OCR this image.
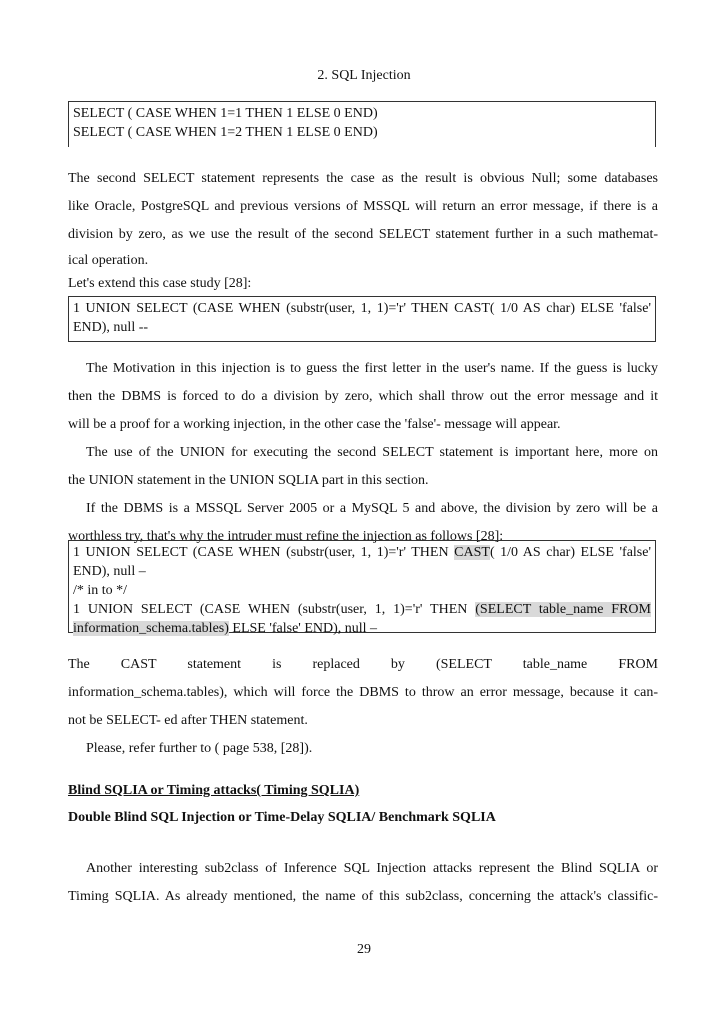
2. SQL Injection
SELECT ( CASE WHEN 1=1 THEN 1 ELSE 0 END)
SELECT ( CASE WHEN 1=2 THEN 1 ELSE 0 END)
The second SELECT statement represents the case as the result is obvious Null; some databases
like Oracle, PostgreSQL and previous versions of MSSQL will return an error message, if there is a
division by zero, as we use the result of the second SELECT statement further in a such mathemat-
ical operation.
Let's extend this case study [28]:
1 UNION SELECT (CASE WHEN (substr(user, 1, 1)='r' THEN CAST( 1/0 AS char) ELSE 'false'
END), null --
The Motivation in this injection is to guess the first letter in the user's name. If the guess is lucky
then the DBMS is forced to do a division by zero, which shall throw out the error message and it
will be a proof for a working injection, in the other case the 'false'- message will appear.
The use of the UNION for executing the second SELECT statement is important here, more on
the UNION statement in the UNION SQLIA part in this section.
If the DBMS is a MSSQL Server 2005 or a MySQL 5 and above, the division by zero will be a
worthless try, that's why the intruder must refine the injection as follows [28]:
1 UNION SELECT (CASE WHEN (substr(user, 1, 1)='r' THEN CAST( 1/0 AS char) ELSE 'false'
END), null –
/* in to */
1 UNION SELECT (CASE WHEN (substr(user, 1, 1)='r' THEN (SELECT table_name FROM
information_schema.tables) ELSE 'false' END), null –
The CAST statement is replaced by (SELECT table_name FROM
information_schema.tables), which will force the DBMS to throw an error message, because it can-
not be SELECT- ed after THEN statement.
Please, refer further to ( page 538, [28]).
Blind SQLIA or Timing attacks( Timing SQLIA)
Double Blind SQL Injection or Time-Delay SQLIA/ Benchmark SQLIA
Another interesting sub2class of Inference SQL Injection attacks represent the Blind SQLIA or
Timing SQLIA. As already mentioned, the name of this sub2class, concerning the attack's classific-
29
